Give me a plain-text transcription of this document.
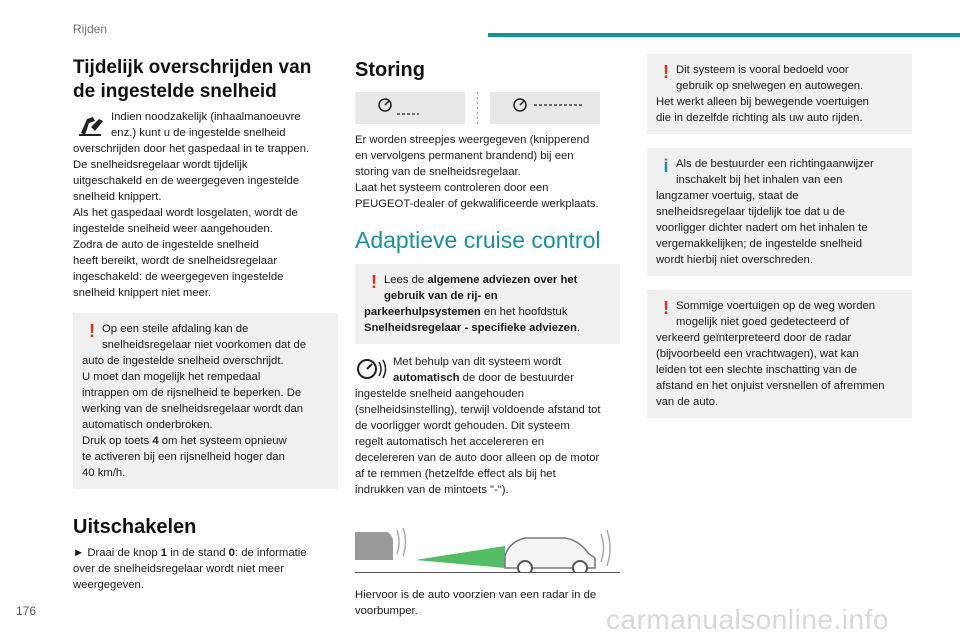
Rijden
176
Tijdelijk overschrijden van de ingestelde snelheid

Indien noodzakelijk (inhaalmanoeuvre
enz.) kunt u de ingestelde snelheid
overschrijden door het gaspedaal in te trappen.
De snelheidsregelaar wordt tijdelijk
uitgeschakeld en de weergegeven ingestelde
snelheid knippert.
Als het gaspedaal wordt losgelaten, wordt de
ingestelde snelheid weer aangehouden.
Zodra de auto de ingestelde snelheid
heeft bereikt, wordt de snelheidsregelaar
ingeschakeld: de weergegeven ingestelde
snelheid knippert niet meer.

! Op een steile afdaling kan de
snelheidsregelaar niet voorkomen dat de
auto de ingestelde snelheid overschrijdt.
U moet dan mogelijk het rempedaal
intrappen om de rijsnelheid te beperken. De
werking van de snelheidsregelaar wordt dan
automatisch onderbroken.
Druk op toets 4 om het systeem opnieuw
te activeren bij een rijsnelheid hoger dan
40 km/h.

Uitschakelen

► Draai de knop 1 in de stand 0: de informatie
over de snelheidsregelaar wordt niet meer
weergegeven.

Storing

Er worden streepjes weergegeven (knipperend
en vervolgens permanent brandend) bij een
storing van de snelheidsregelaar.
Laat het systeem controleren door een
PEUGEOT-dealer of gekwalificeerde werkplaats.

Adaptieve cruise control
! Lees de algemene adviezen over het
gebruik van de rij- en
parkeerhulpsystemen en het hoofdstuk
Snelheidsregelaar - specifieke adviezen.

Met behulp van dit systeem wordt
automatisch de door de bestuurder
ingestelde snelheid aangehouden
(snelheidsinstelling), terwijl voldoende afstand tot
de voorligger wordt gehouden. Dit systeem
regelt automatisch het accelereren en
decelereren van de auto door alleen op de motor
af te remmen (hetzelfde effect als bij het
indrukken van de mintoets "-").

Hiervoor is de auto voorzien van een radar in de
voorbumper.

! Dit systeem is vooral bedoeld voor
gebruik op snelwegen en autowegen.
Het werkt alleen bij bewegende voertuigen
die in dezelfde richting als uw auto rijden.

i Als de bestuurder een richtingaanwijzer
inschakelt bij het inhalen van een
langzamer voertuig, staat de
snelheidsregelaar tijdelijk toe dat u de
voorligger dichter nadert om het inhalen te
vergemakkelijken; de ingestelde snelheid
wordt hierbij niet overschreden.

! Sommige voertuigen op de weg worden
mogelijk niet goed gedetecteerd of
verkeerd geïnterpreteerd door de radar
(bijvoorbeeld een vrachtwagen), wat kan
leiden tot een slechte inschatting van de
afstand en het onjuist versnellen of afremmen
van de auto.

carmanualsonline.info
